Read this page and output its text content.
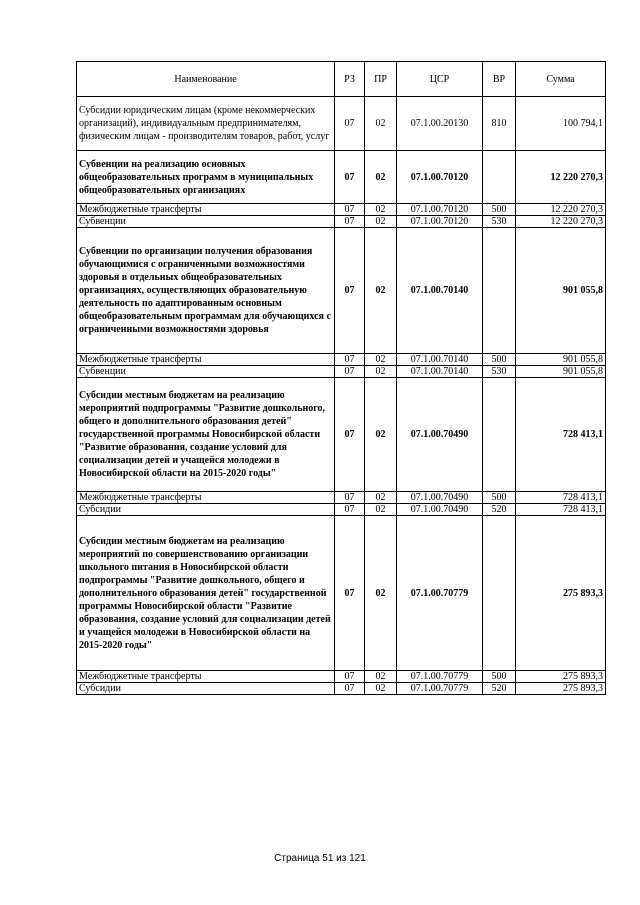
Наименование	РЗ	ПР	ЦСР	ВР	Сумма
Субсидии юридическим лицам (кроме некоммерческих организаций), индивидуальным предпринимателям, физическим лицам - производителям товаров, работ, услуг	07	02	07.1.00.20130	810	100 794,1
Субвенции на реализацию основных общеобразовательных программ в муниципальных общеобразовательных организациях	07	02	07.1.00.70120		12 220 270,3
Межбюджетные трансферты	07	02	07.1.00.70120	500	12 220 270,3
Субвенции	07	02	07.1.00.70120	530	12 220 270,3
Субвенции по организации получения образования обучающимися с ограниченными возможностями здоровья в отдельных общеобразовательных организациях, осуществляющих образовательную деятельность по адаптированным основным общеобразовательным программам для обучающихся с ограниченными возможностями здоровья	07	02	07.1.00.70140		901 055,8
Межбюджетные трансферты	07	02	07.1.00.70140	500	901 055,8
Субвенции	07	02	07.1.00.70140	530	901 055,8
Субсидии местным бюджетам на реализацию мероприятий подпрограммы "Развитие дошкольного, общего и дополнительного образования детей" государственной программы Новосибирской области "Развитие образования, создание условий для социализации детей и учащейся молодежи в Новосибирской области на 2015-2020 годы"	07	02	07.1.00.70490		728 413,1
Межбюджетные трансферты	07	02	07.1.00.70490	500	728 413,1
Субсидии	07	02	07.1.00.70490	520	728 413,1
Субсидии местным бюджетам на реализацию мероприятий по совершенствованию организации школьного питания в Новосибирской области подпрограммы "Развитие дошкольного, общего и дополнительного образования детей" государственной программы Новосибирской области "Развитие образования, создание условий для социализации детей и учащейся молодежи в Новосибирской области на 2015-2020 годы"	07	02	07.1.00.70779		275 893,3
Межбюджетные трансферты	07	02	07.1.00.70779	500	275 893,3
Субсидии	07	02	07.1.00.70779	520	275 893,3
Страница 51 из 121
